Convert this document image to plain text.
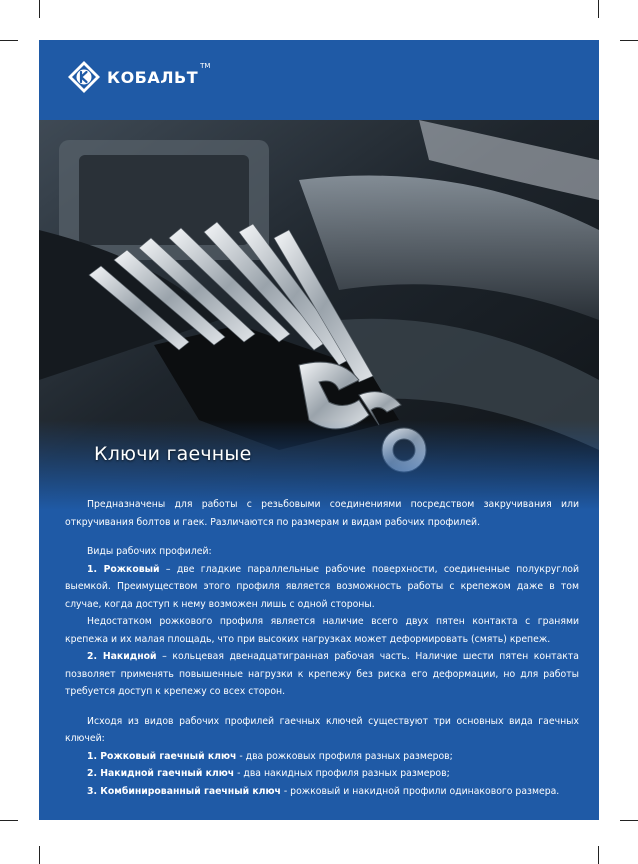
КОБАЛЬТ
TM
Ключи гаечные

Предназначены для работы с резьбовыми соединениями посредством закручивания или откручивания болтов и гаек. Различаются по размерам и видам рабочих профилей.

Виды рабочих профилей:

1. Рожковый – две гладкие параллельные рабочие поверхности, соединенные полукруглой выемкой. Преимуществом этого профиля является возможность работы с крепежом даже в том случае, когда доступ к нему возможен лишь с одной стороны.

Недостатком рожкового профиля является наличие всего двух пятен контакта с гранями крепежа и их малая площадь, что при высоких нагрузках может деформировать (смять) крепеж.

2. Накидной – кольцевая двенадцатигранная рабочая часть. Наличие шести пятен контакта позволяет применять повышенные нагрузки к крепежу без риска его деформации, но для работы требуется доступ к крепежу со всех сторон.

Исходя из видов рабочих профилей гаечных ключей существуют три основных вида гаечных ключей:

1. Рожковый гаечный ключ - два рожковых профиля разных размеров;

2. Накидной гаечный ключ - два накидных профиля разных размеров;

3. Комбинированный гаечный ключ - рожковый и накидной профили одинакового размера.
